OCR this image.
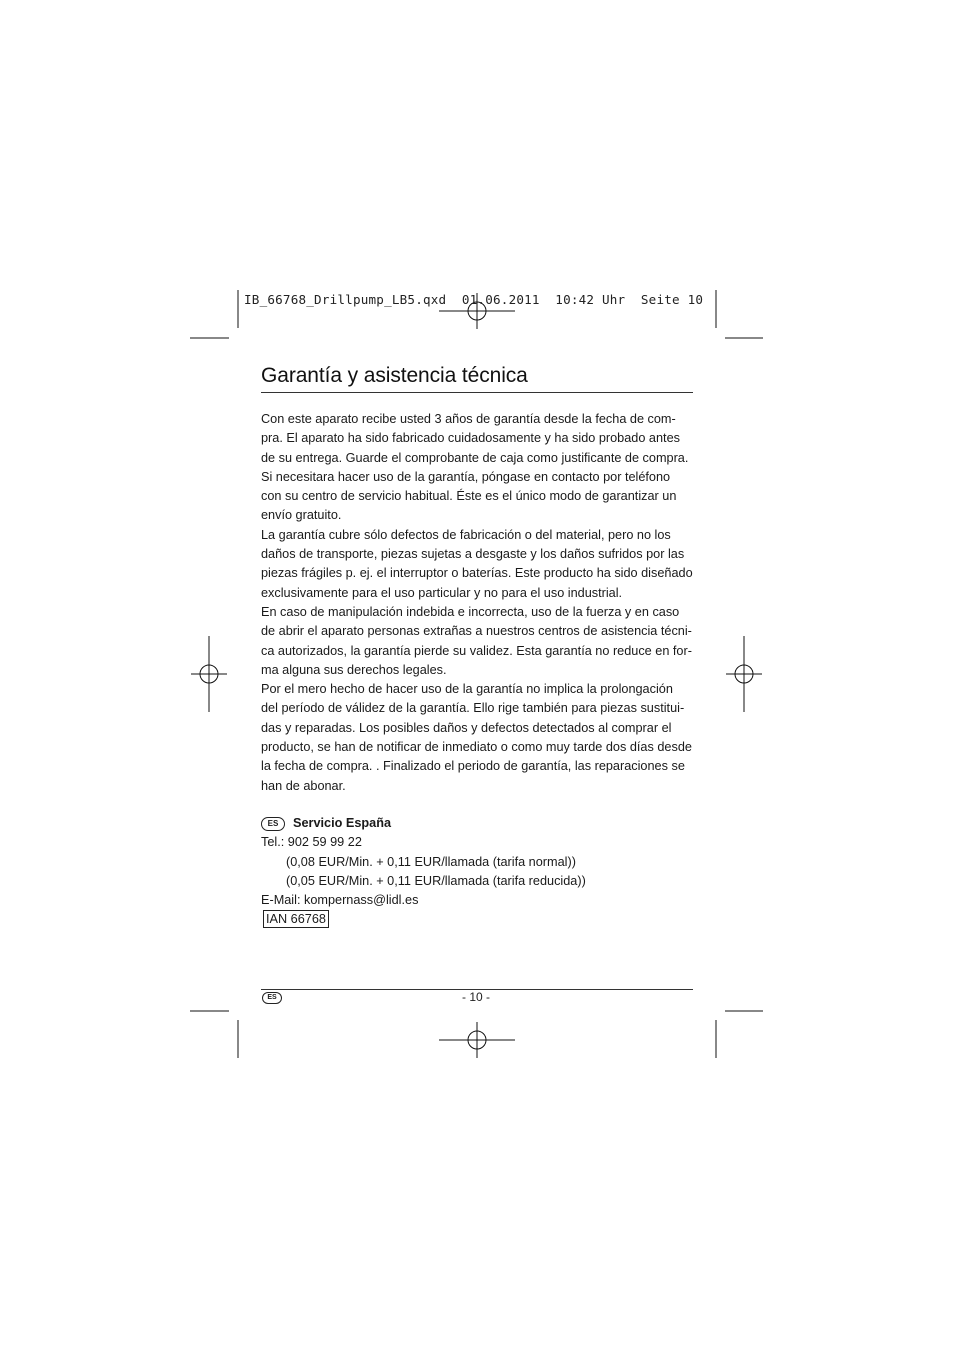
IB_66768_Drillpump_LB5.qxd  01.06.2011  10:42 Uhr  Seite 10
Garantía y asistencia técnica
Con este aparato recibe usted 3 años de garantía desde la fecha de com-
pra. El aparato ha sido fabricado cuidadosamente y ha sido probado antes
de su entrega. Guarde el comprobante de caja como justificante de compra.
Si necesitara hacer uso de la garantía, póngase en contacto por teléfono
con su centro de servicio habitual. Éste es el único modo de garantizar un
envío gratuito.
La garantía cubre sólo defectos de fabricación o del material, pero no los
daños de transporte, piezas sujetas a desgaste y los daños sufridos por las
piezas frágiles p. ej. el interruptor o baterías. Este producto ha sido diseñado
exclusivamente para el uso particular y no para el uso industrial.
En caso de manipulación indebida e incorrecta, uso de la fuerza y en caso
de abrir el aparato personas extrañas a nuestros centros de asistencia técni-
ca autorizados, la garantía pierde su validez. Esta garantía no reduce en for-
ma alguna sus derechos legales.
Por el mero hecho de hacer uso de la garantía no implica la prolongación
del período de válidez de la garantía. Ello rige también para piezas sustitui-
das y reparadas. Los posibles daños y defectos detectados al comprar el
producto, se han de notificar de inmediato o como muy tarde dos días desde
la fecha de compra. . Finalizado el periodo de garantía, las reparaciones se
han de abonar.
ES	Servicio España
Tel.: 902 59 99 22
(0,08 EUR/Min. + 0,11 EUR/llamada (tarifa normal))
(0,05 EUR/Min. + 0,11 EUR/llamada (tarifa reducida))
E-Mail: kompernass@lidl.es
IAN 66768
ES	- 10 -
